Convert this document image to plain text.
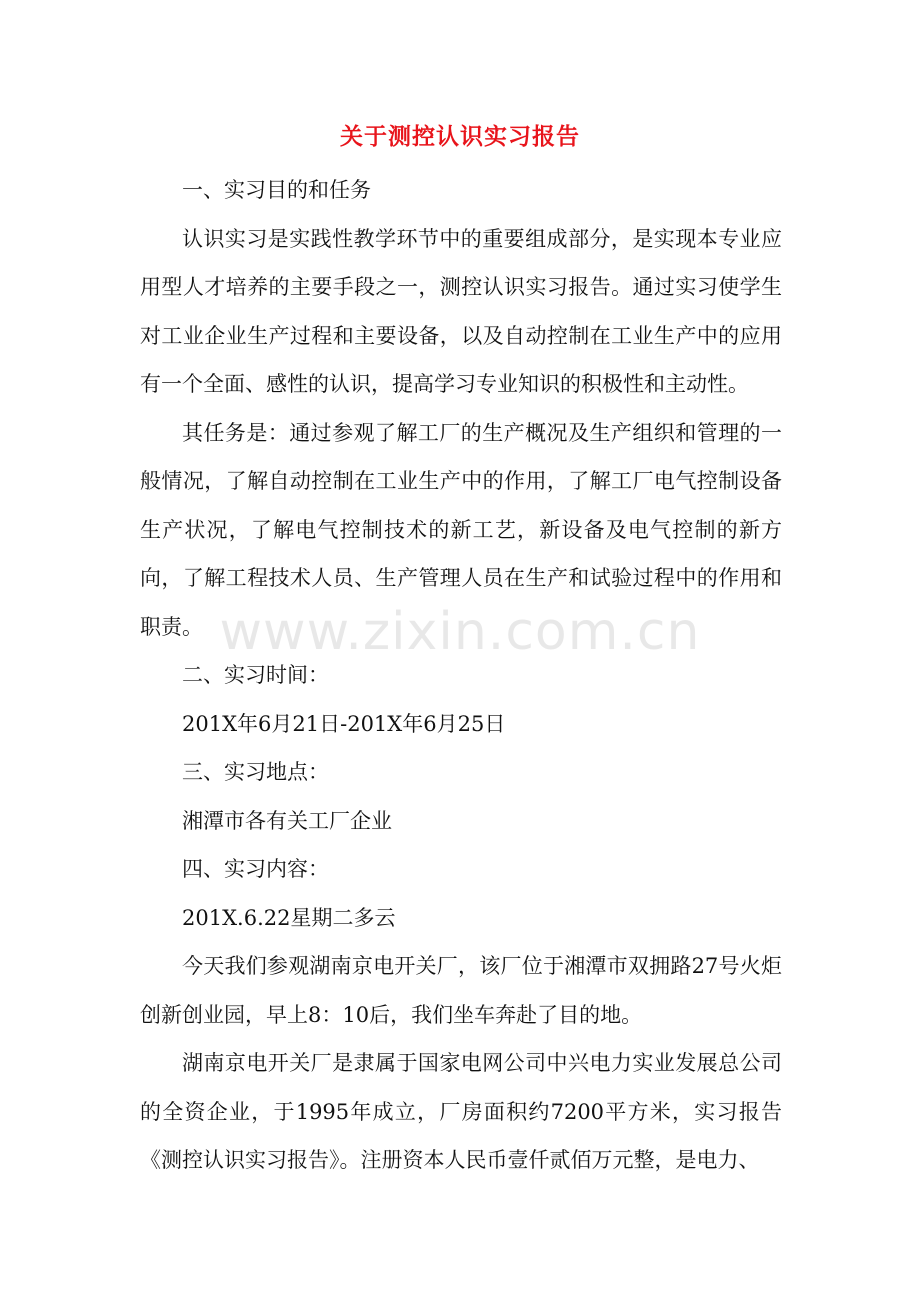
关于测控认识实习报告

一、实习目的和任务

认识实习是实践性教学环节中的重要组成部分，是实现本专业应用型人才培养的主要手段之一，测控认识实习报告。通过实习使学生对工业企业生产过程和主要设备，以及自动控制在工业生产中的应用有一个全面、感性的认识，提高学习专业知识的积极性和主动性。

其任务是：通过参观了解工厂的生产概况及生产组织和管理的一般情况，了解自动控制在工业生产中的作用，了解工厂电气控制设备生产状况，了解电气控制技术的新工艺，新设备及电气控制的新方向，了解工程技术人员、生产管理人员在生产和试验过程中的作用和职责。

二、实习时间：

201X年6月21日-201X年6月25日

三、实习地点：

湘潭市各有关工厂企业

四、实习内容：

201X.6.22星期二多云

今天我们参观湖南京电开关厂，该厂位于湘潭市双拥路27号火炬创新创业园，早上8：10后，我们坐车奔赴了目的地。

湖南京电开关厂是隶属于国家电网公司中兴电力实业发展总公司的全资企业，于1995年成立，厂房面积约7200平方米，实习报告《测控认识实习报告》。注册资本人民币壹仟贰佰万元整，是电力、

www.zixin.com.cn
